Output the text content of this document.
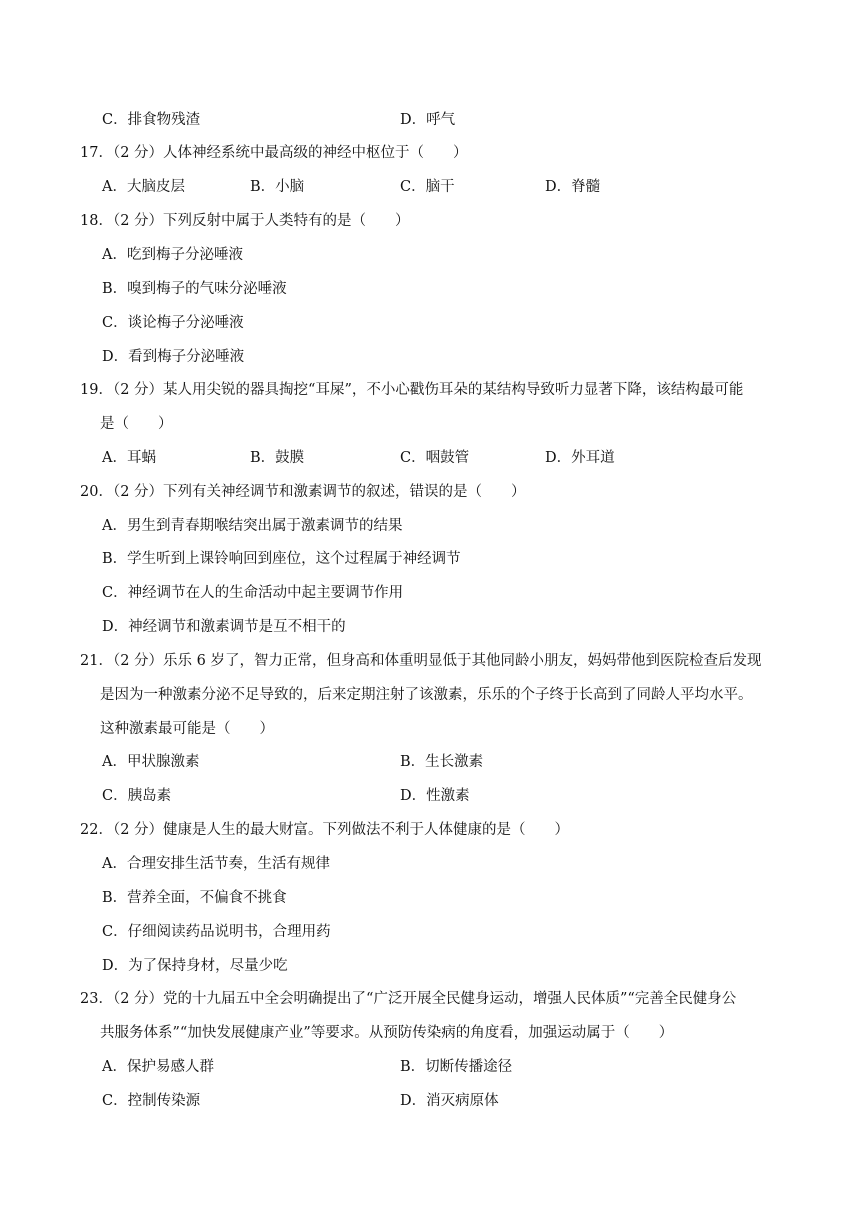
C．排食物残渣	D．呼气
17．（2 分）人体神经系统中最高级的神经中枢位于（　　）
A．大脑皮层	B．小脑	C．脑干	D．脊髓
18．（2 分）下列反射中属于人类特有的是（　　）
A．吃到梅子分泌唾液
B．嗅到梅子的气味分泌唾液
C．谈论梅子分泌唾液
D．看到梅子分泌唾液
19．（2 分）某人用尖锐的器具掏挖“耳屎”，不小心戳伤耳朵的某结构导致听力显著下降，该结构最可能
是（　　）
A．耳蜗	B．鼓膜	C．咽鼓管	D．外耳道
20．（2 分）下列有关神经调节和激素调节的叙述，错误的是（　　）
A．男生到青春期喉结突出属于激素调节的结果
B．学生听到上课铃响回到座位，这个过程属于神经调节
C．神经调节在人的生命活动中起主要调节作用
D．神经调节和激素调节是互不相干的
21．（2 分）乐乐 6 岁了，智力正常，但身高和体重明显低于其他同龄小朋友，妈妈带他到医院检查后发现
是因为一种激素分泌不足导致的，后来定期注射了该激素，乐乐的个子终于长高到了同龄人平均水平。
这种激素最可能是（　　）
A．甲状腺激素	B．生长激素
C．胰岛素	D．性激素
22．（2 分）健康是人生的最大财富。下列做法不利于人体健康的是（　　）
A．合理安排生活节奏，生活有规律
B．营养全面，不偏食不挑食
C．仔细阅读药品说明书，合理用药
D．为了保持身材，尽量少吃
23．（2 分）党的十九届五中全会明确提出了“广泛开展全民健身运动，增强人民体质”“完善全民健身公
共服务体系”“加快发展健康产业”等要求。从预防传染病的角度看，加强运动属于（　　）
A．保护易感人群	B．切断传播途径
C．控制传染源	D．消灭病原体
